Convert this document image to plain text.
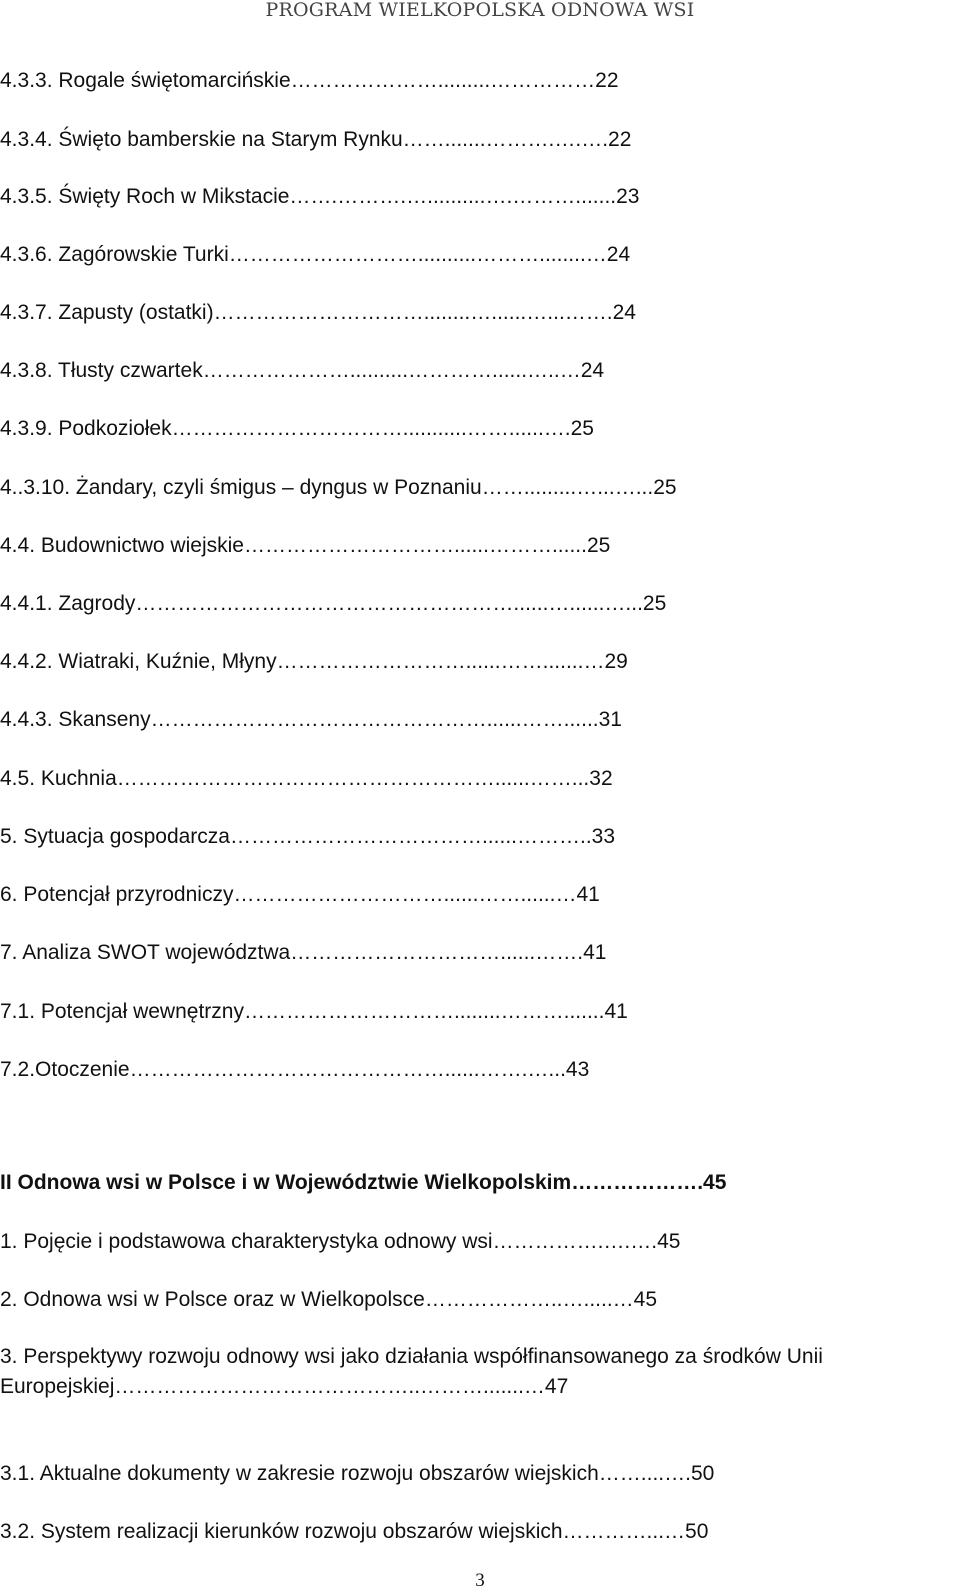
PROGRAM WIELKOPOLSKA ODNOWA WSI
4.3.3. Rogale świętomarcińskie………………….........……………22
4.3.4. Święto bamberskie na Starym Rynku…….......……….….….22
4.3.5. Święty Roch w Mikstacie…….……….…..........….……….......23
4.3.6. Zagórowskie Turki………………………..........………........…24
4.3.7. Zapusty (ostatki)…………………………........…......…...…….24
4.3.8. Tłusty czwartek…………………..........…………......…..…24
4.3.9. Podkoziołek……………………………...........……......….25
4..3.10. Żandary, czyli śmigus – dyngus w Poznaniu…….........…...…...25
4.4. Budownictwo wiejskie…………………………......………......25
4.4.1. Zagrody………………………………………………......…......…...25
4.4.2. Wiatraki, Kuźnie, Młyny………………………......…….......…29
4.4.3. Skanseny…………………………………………......……......31
4.5. Kuchnia………………………………………………......……...32
5. Sytuacja gospodarcza………………………………......………..33
6. Potencjał przyrodniczy…………………………......……......…41
7. Analiza SWOT województwa…………………………......…….41
7.1. Potencjał wewnętrzny…………………………........……….......41
7.2.Otoczenie………………………………………......…….…...43
II Odnowa wsi w Polsce i w Województwie Wielkopolskim……………….45
1. Pojęcie i podstawowa charakterystyka odnowy wsi…………….….….45
2. Odnowa wsi w Polsce oraz w Wielkopolsce………………..….....…45
3. Perspektywy rozwoju odnowy wsi jako działania współfinansowanego za środków Unii Europejskiej……………………………………..……….......…47
3.1. Aktualne dokumenty w zakresie rozwoju obszarów wiejskich……....….50
3.2. System realizacji kierunków rozwoju obszarów wiejskich…………...…50
3
